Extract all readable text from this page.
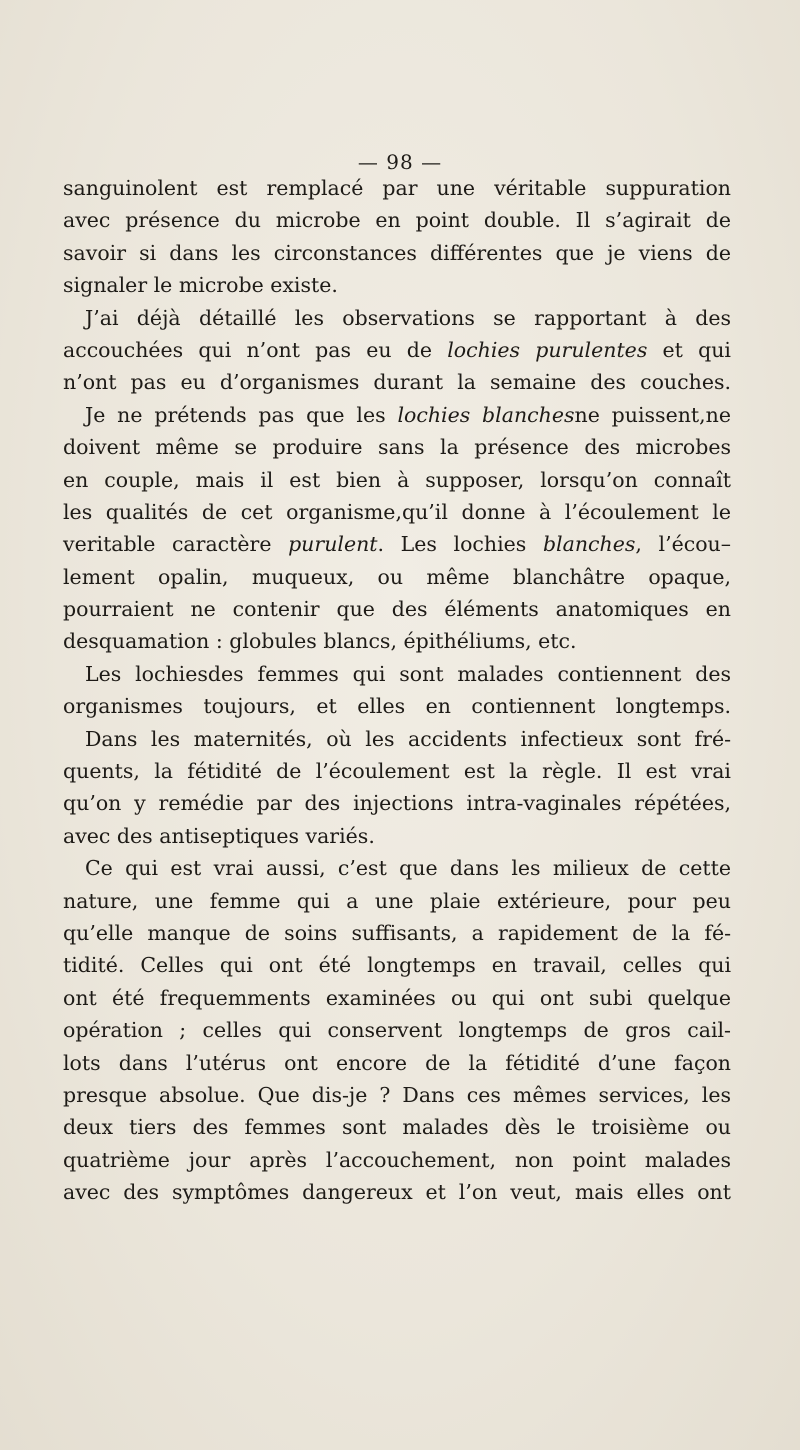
— 98 —
sanguinolent est remplacé par une véritable suppuration
avec présence du microbe en point double. Il s’agirait de
savoir si dans les circonstances différentes que je viens de
signaler le microbe existe.
J’ai déjà détaillé les observations se rapportant à des
accouchées qui n’ont pas eu de lochies purulentes et qui
n’ont pas eu d’organismes durant la semaine des couches.
Je ne prétends pas que les lochies blanchesne puissent,ne
doivent même se produire sans la présence des microbes
en couple, mais il est bien à supposer, lorsqu’on connaît
les qualités de cet organisme,qu’il donne à l’écoulement le
veritable caractère purulent. Les lochies blanches, l’écou–
lement opalin, muqueux, ou même blanchâtre opaque,
pourraient ne contenir que des éléments anatomiques en
desquamation : globules blancs, épithéliums, etc.
Les lochiesdes femmes qui sont malades contiennent des
organismes toujours, et elles en contiennent longtemps.
Dans les maternités, où les accidents infectieux sont fré-
quents, la fétidité de l’écoulement est la règle. Il est vrai
qu’on y remédie par des injections intra-vaginales répétées,
avec des antiseptiques variés.
Ce qui est vrai aussi, c’est que dans les milieux de cette
nature, une femme qui a une plaie extérieure, pour peu
qu’elle manque de soins suffisants, a rapidement de la fé-
tidité. Celles qui ont été longtemps en travail, celles qui
ont été frequemments examinées ou qui ont subi quelque
opération ; celles qui conservent longtemps de gros cail-
lots dans l’utérus ont encore de la fétidité d’une façon
presque absolue. Que dis-je ? Dans ces mêmes services, les
deux tiers des femmes sont malades dès le troisième ou
quatrième jour après l’accouchement, non point malades
avec des symptômes dangereux et l’on veut, mais elles ont
